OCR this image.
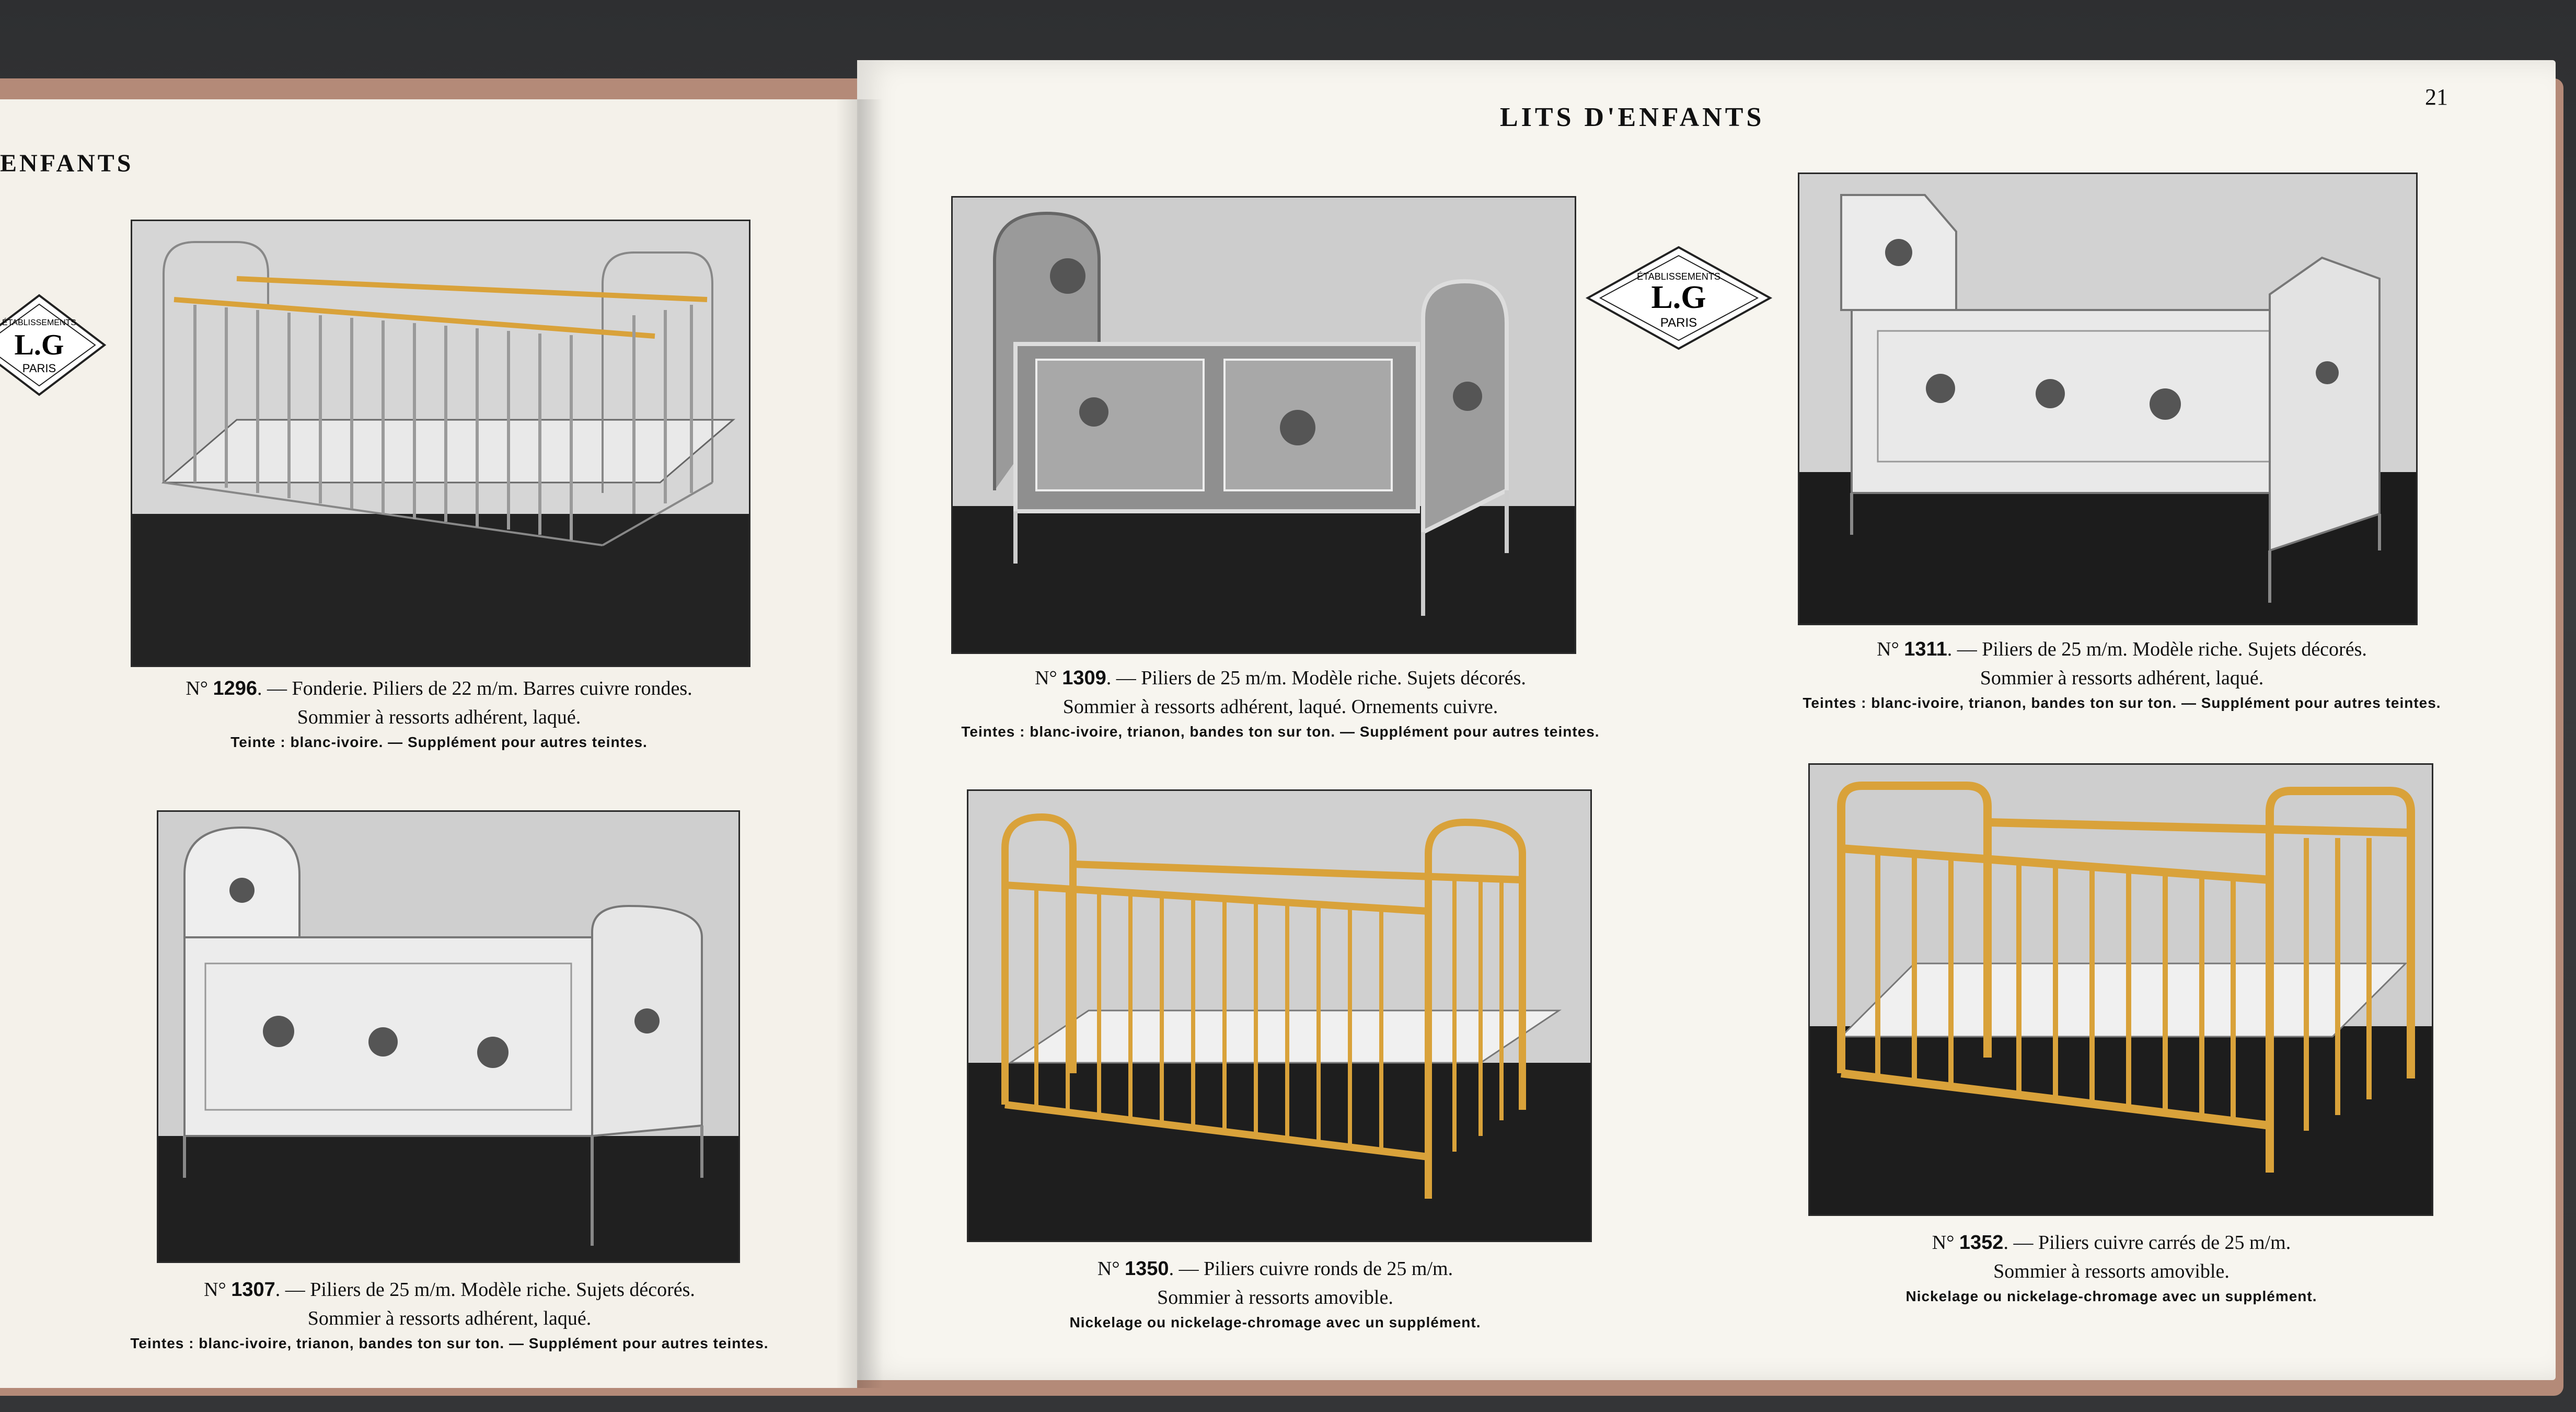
ENFANTS
LITS D'ENFANTS
21
L.G
PARIS
ÉTABLISSEMENTS
L.G
PARIS
ÉTABLISSEMENTS
N° 1296. — Fonderie. Piliers de 22 m/m. Barres cuivre rondes.
Sommier à ressorts adhérent, laqué.
Teinte : blanc-ivoire. — Supplément pour autres teintes.
N° 1307. — Piliers de 25 m/m. Modèle riche. Sujets décorés.
Sommier à ressorts adhérent, laqué.
Teintes : blanc-ivoire, trianon, bandes ton sur ton. — Supplément pour autres teintes.
N° 1309. — Piliers de 25 m/m. Modèle riche. Sujets décorés.
Sommier à ressorts adhérent, laqué. Ornements cuivre.
Teintes : blanc-ivoire, trianon, bandes ton sur ton. — Supplément pour autres teintes.
N° 1350. — Piliers cuivre ronds de 25 m/m.
Sommier à ressorts amovible.
Nickelage ou nickelage-chromage avec un supplément.
N° 1311. — Piliers de 25 m/m. Modèle riche. Sujets décorés.
Sommier à ressorts adhérent, laqué.
Teintes : blanc-ivoire, trianon, bandes ton sur ton. — Supplément pour autres teintes.
N° 1352. — Piliers cuivre carrés de 25 m/m.
Sommier à ressorts amovible.
Nickelage ou nickelage-chromage avec un supplément.
